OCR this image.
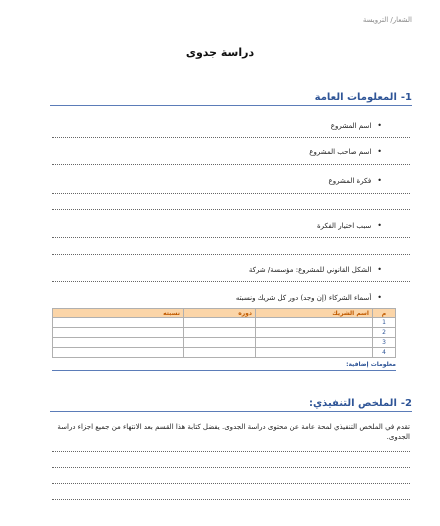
الشعار/ الترويسة
دراسة جدوى
1-المعلومات العامة
• اسم المشروع
• اسم صاحب المشروع
• فكرة المشروع
• سبب اختيار الفكرة
• الشكل القانوني للمشروع: مؤسسة/ شركة
• أسماء الشركاء (إن وجد) دور كل شريك ونسبته
م	اسم الشريك	دوره	نسبته
1			
2			
3			
4			
معلومات إضافية:
2-الملخص التنفيذي:
تقدم في الملخص التنفيذي لمحة عامة عن محتوى دراسة الجدوى. يفضل كتابة هذا القسم بعد الانتهاء من جميع اجزاء دراسة الجدوى.
